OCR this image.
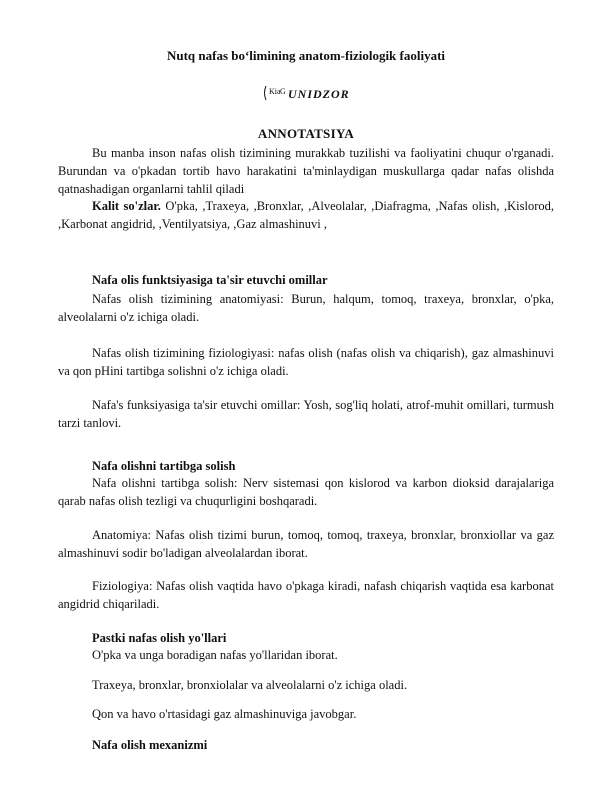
Nutq nafas bo‘limining anatom-fiziologik faoliyati
Kia G UNIDZOR
ANNOTATSIYA

Bu manba inson nafas olish tizimining murakkab tuzilishi va faoliyatini chuqur o'rganadi. Burundan va o'pkadan tortib havo harakatini ta'minlaydigan muskullarga qadar nafas olishda qatnashadigan organlarni tahlil qiladi

Kalit so'zlar. O'pka, ,Traxeya, ,Bronxlar, ,Alveolalar, ,Diafragma, ,Nafas olish, ,Kislorod, ,Karbonat angidrid, ,Ventilyatsiya, ,Gaz almashinuvi ,

Nafa olis funktsiyasiga ta'sir etuvchi omillar

Nafas olish tizimining anatomiyasi: Burun, halqum, tomoq, traxeya, bronxlar, o'pka, alveolalarni o'z ichiga oladi.

Nafas olish tizimining fiziologiyasi: nafas olish (nafas olish va chiqarish), gaz almashinuvi va qon pHini tartibga solishni o'z ichiga oladi.

Nafa's funksiyasiga ta'sir etuvchi omillar: Yosh, sog'liq holati, atrof-muhit omillari, turmush tarzi tanlovi.

Nafa olishni tartibga solish

Nafa olishni tartibga solish: Nerv sistemasi qon kislorod va karbon dioksid darajalariga qarab nafas olish tezligi va chuqurligini boshqaradi.

Anatomiya: Nafas olish tizimi burun, tomoq, tomoq, traxeya, bronxlar, bronxiollar va gaz almashinuvi sodir bo'ladigan alveolalardan iborat.

Fiziologiya: Nafas olish vaqtida havo o'pkaga kiradi, nafash chiqarish vaqtida esa karbonat angidrid chiqariladi.

Pastki nafas olish yo'llari

O'pka va unga boradigan nafas yo'llaridan iborat.

Traxeya, bronxlar, bronxiolalar va alveolalarni o'z ichiga oladi.

Qon va havo o'rtasidagi gaz almashinuviga javobgar.

Nafa olish mexanizmi
